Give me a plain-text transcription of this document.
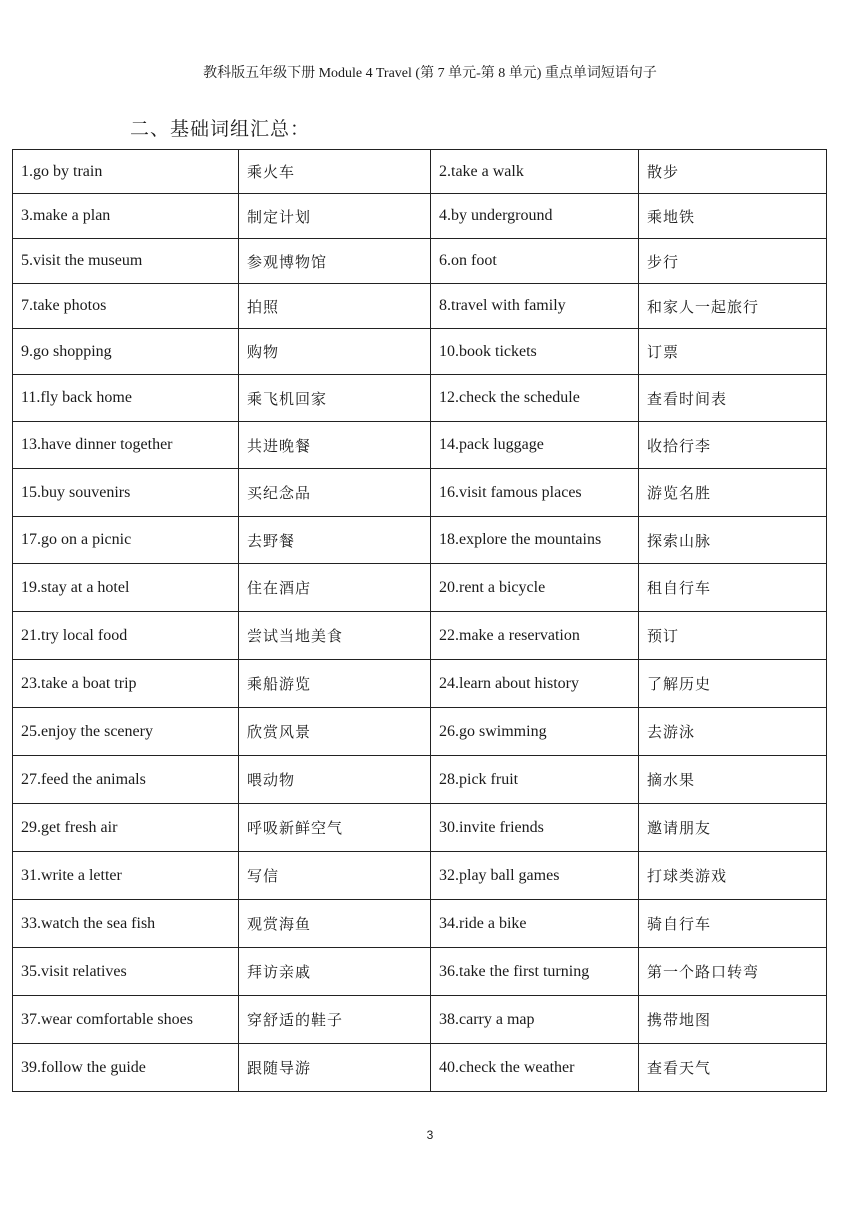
教科版五年级下册 Module 4 Travel (第 7 单元-第 8 单元) 重点单词短语句子
二、基础词组汇总：
1.go by train	乘火车	2.take a walk	散步
3.make a plan	制定计划	4.by underground	乘地铁
5.visit the museum	参观博物馆	6.on foot	步行
7.take photos	拍照	8.travel with family	和家人一起旅行
9.go shopping	购物	10.book tickets	订票
11.fly back home	乘飞机回家	12.check the schedule	查看时间表
13.have dinner together	共进晚餐	14.pack luggage	收拾行李
15.buy souvenirs	买纪念品	16.visit famous places	游览名胜
17.go on a picnic	去野餐	18.explore the mountains	探索山脉
19.stay at a hotel	住在酒店	20.rent a bicycle	租自行车
21.try local food	尝试当地美食	22.make a reservation	预订
23.take a boat trip	乘船游览	24.learn about history	了解历史
25.enjoy the scenery	欣赏风景	26.go swimming	去游泳
27.feed the animals	喂动物	28.pick fruit	摘水果
29.get fresh air	呼吸新鲜空气	30.invite friends	邀请朋友
31.write a letter	写信	32.play ball games	打球类游戏
33.watch the sea fish	观赏海鱼	34.ride a bike	骑自行车
35.visit relatives	拜访亲戚	36.take the first turning	第一个路口转弯
37.wear comfortable shoes	穿舒适的鞋子	38.carry a map	携带地图
39.follow the guide	跟随导游	40.check the weather	查看天气
3
